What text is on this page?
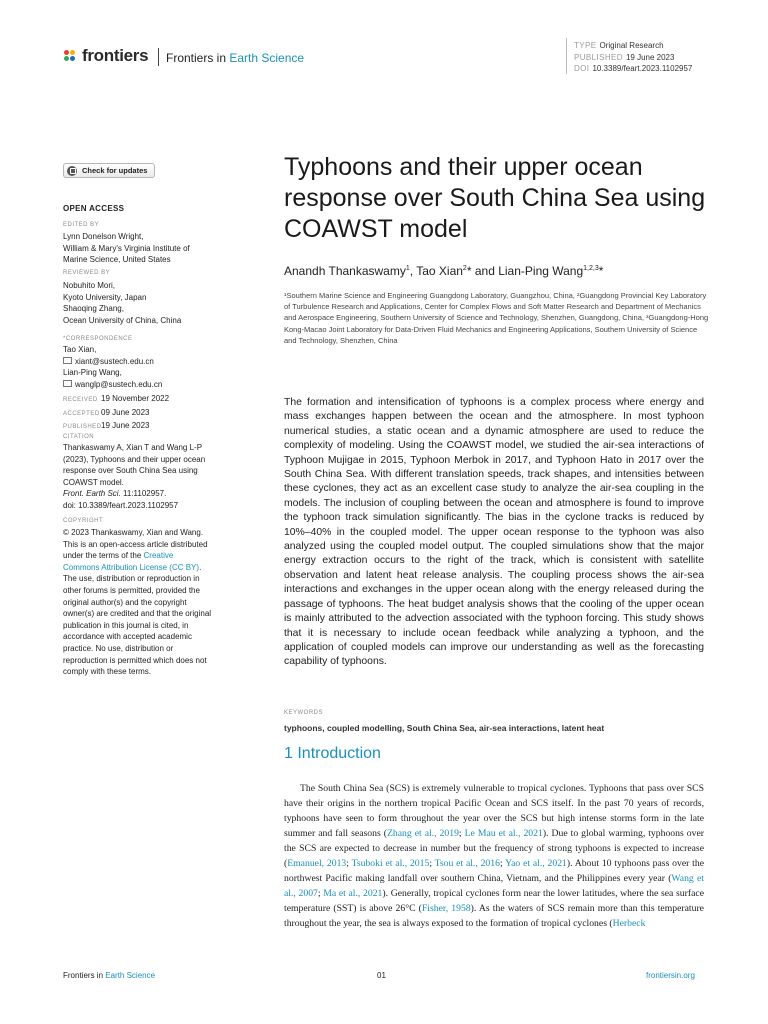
frontiers Frontiers in Earth Science
TYPE Original Research
PUBLISHED 19 June 2023
DOI 10.3389/feart.2023.1102957
Check for updates
OPEN ACCESS
EDITED BY
Lynn Donelson Wright,
William & Mary's Virginia Institute of
Marine Science, United States
REVIEWED BY
Nobuhito Mori,
Kyoto University, Japan
Shaoqing Zhang,
Ocean University of China, China
*CORRESPONDENCE
Tao Xian,
xiant@sustech.edu.cn
Lian-Ping Wang,
wanglp@sustech.edu.cn
RECEIVED 19 November 2022
ACCEPTED09 June 2023
PUBLISHED19 June 2023
CITATION
Thankaswamy A, Xian T and Wang L-P
(2023), Typhoons and their upper ocean
response over South China Sea using
COAWST model.
Front. Earth Sci. 11:1102957.
doi: 10.3389/feart.2023.1102957
COPYRIGHT
© 2023 Thankaswamy, Xian and Wang.
This is an open-access article distributed
under the terms of the Creative
Commons Attribution License (CC BY).
The use, distribution or reproduction in
other forums is permitted, provided the
original author(s) and the copyright
owner(s) are credited and that the original
publication in this journal is cited, in
accordance with accepted academic
practice. No use, distribution or
reproduction is permitted which does not
comply with these terms.
Typhoons and their upper ocean response over South China Sea using COAWST model
Anandh Thankaswamy$^1$, Tao Xian$^2$* and Lian-Ping Wang$^{1,2,3}$*
¹Southern Marine Science and Engineering Guangdong Laboratory, Guangzhou, China, ²Guangdong Provincial Key Laboratory of Turbulence Research and Applications, Center for Complex Flows and Soft Matter Research and Department of Mechanics and Aerospace Engineering, Southern University of Science and Technology, Shenzhen, Guangdong, China, ³Guangdong-Hong Kong-Macao Joint Laboratory for Data-Driven Fluid Mechanics and Engineering Applications, Southern University of Science and Technology, Shenzhen, China

The formation and intensification of typhoons is a complex process where energy and mass exchanges happen between the ocean and the atmosphere. In most typhoon numerical studies, a static ocean and a dynamic atmosphere are used to reduce the complexity of modeling. Using the COAWST model, we studied the air-sea interactions of Typhoon Mujigae in 2015, Typhoon Merbok in 2017, and Typhoon Hato in 2017 over the South China Sea. With different translation speeds, track shapes, and intensities between these cyclones, they act as an excellent case study to analyze the air-sea coupling in the models. The inclusion of coupling between the ocean and atmosphere is found to improve the typhoon track simulation significantly. The bias in the cyclone tracks is reduced by 10%–40% in the coupled model. The upper ocean response to the typhoon was also analyzed using the coupled model output. The coupled simulations show that the major energy extraction occurs to the right of the track, which is consistent with satellite observation and latent heat release analysis. The coupling process shows the air-sea interactions and exchanges in the upper ocean along with the energy released during the passage of typhoons. The heat budget analysis shows that the cooling of the upper ocean is mainly attributed to the advection associated with the typhoon forcing. This study shows that it is necessary to include ocean feedback while analyzing a typhoon, and the application of coupled models can improve our understanding as well as the forecasting capability of typhoons.

KEYWORDS
typhoons, coupled modelling, South China Sea, air-sea interactions, latent heat
1 Introduction

The South China Sea (SCS) is extremely vulnerable to tropical cyclones. Typhoons that pass over SCS have their origins in the northern tropical Pacific Ocean and SCS itself. In the past 70 years of records, typhoons have seen to form throughout the year over the SCS but high intense storms form in the late summer and fall seasons (Zhang et al., 2019; Le Mau et al., 2021). Due to global warming, typhoons over the SCS are expected to decrease in number but the frequency of strong typhoons is expected to increase (Emanuel, 2013; Tsuboki et al., 2015; Tsou et al., 2016; Yao et al., 2021). About 10 typhoons pass over the northwest Pacific making landfall over southern China, Vietnam, and the Philippines every year (Wang et al., 2007; Ma et al., 2021). Generally, tropical cyclones form near the lower latitudes, where the sea surface temperature (SST) is above 26°C (Fisher, 1958). As the waters of SCS remain more than this temperature throughout the year, the sea is always exposed to the formation of tropical cyclones (Herbeck

Frontiers in Earth Science	01	frontiersin.org
